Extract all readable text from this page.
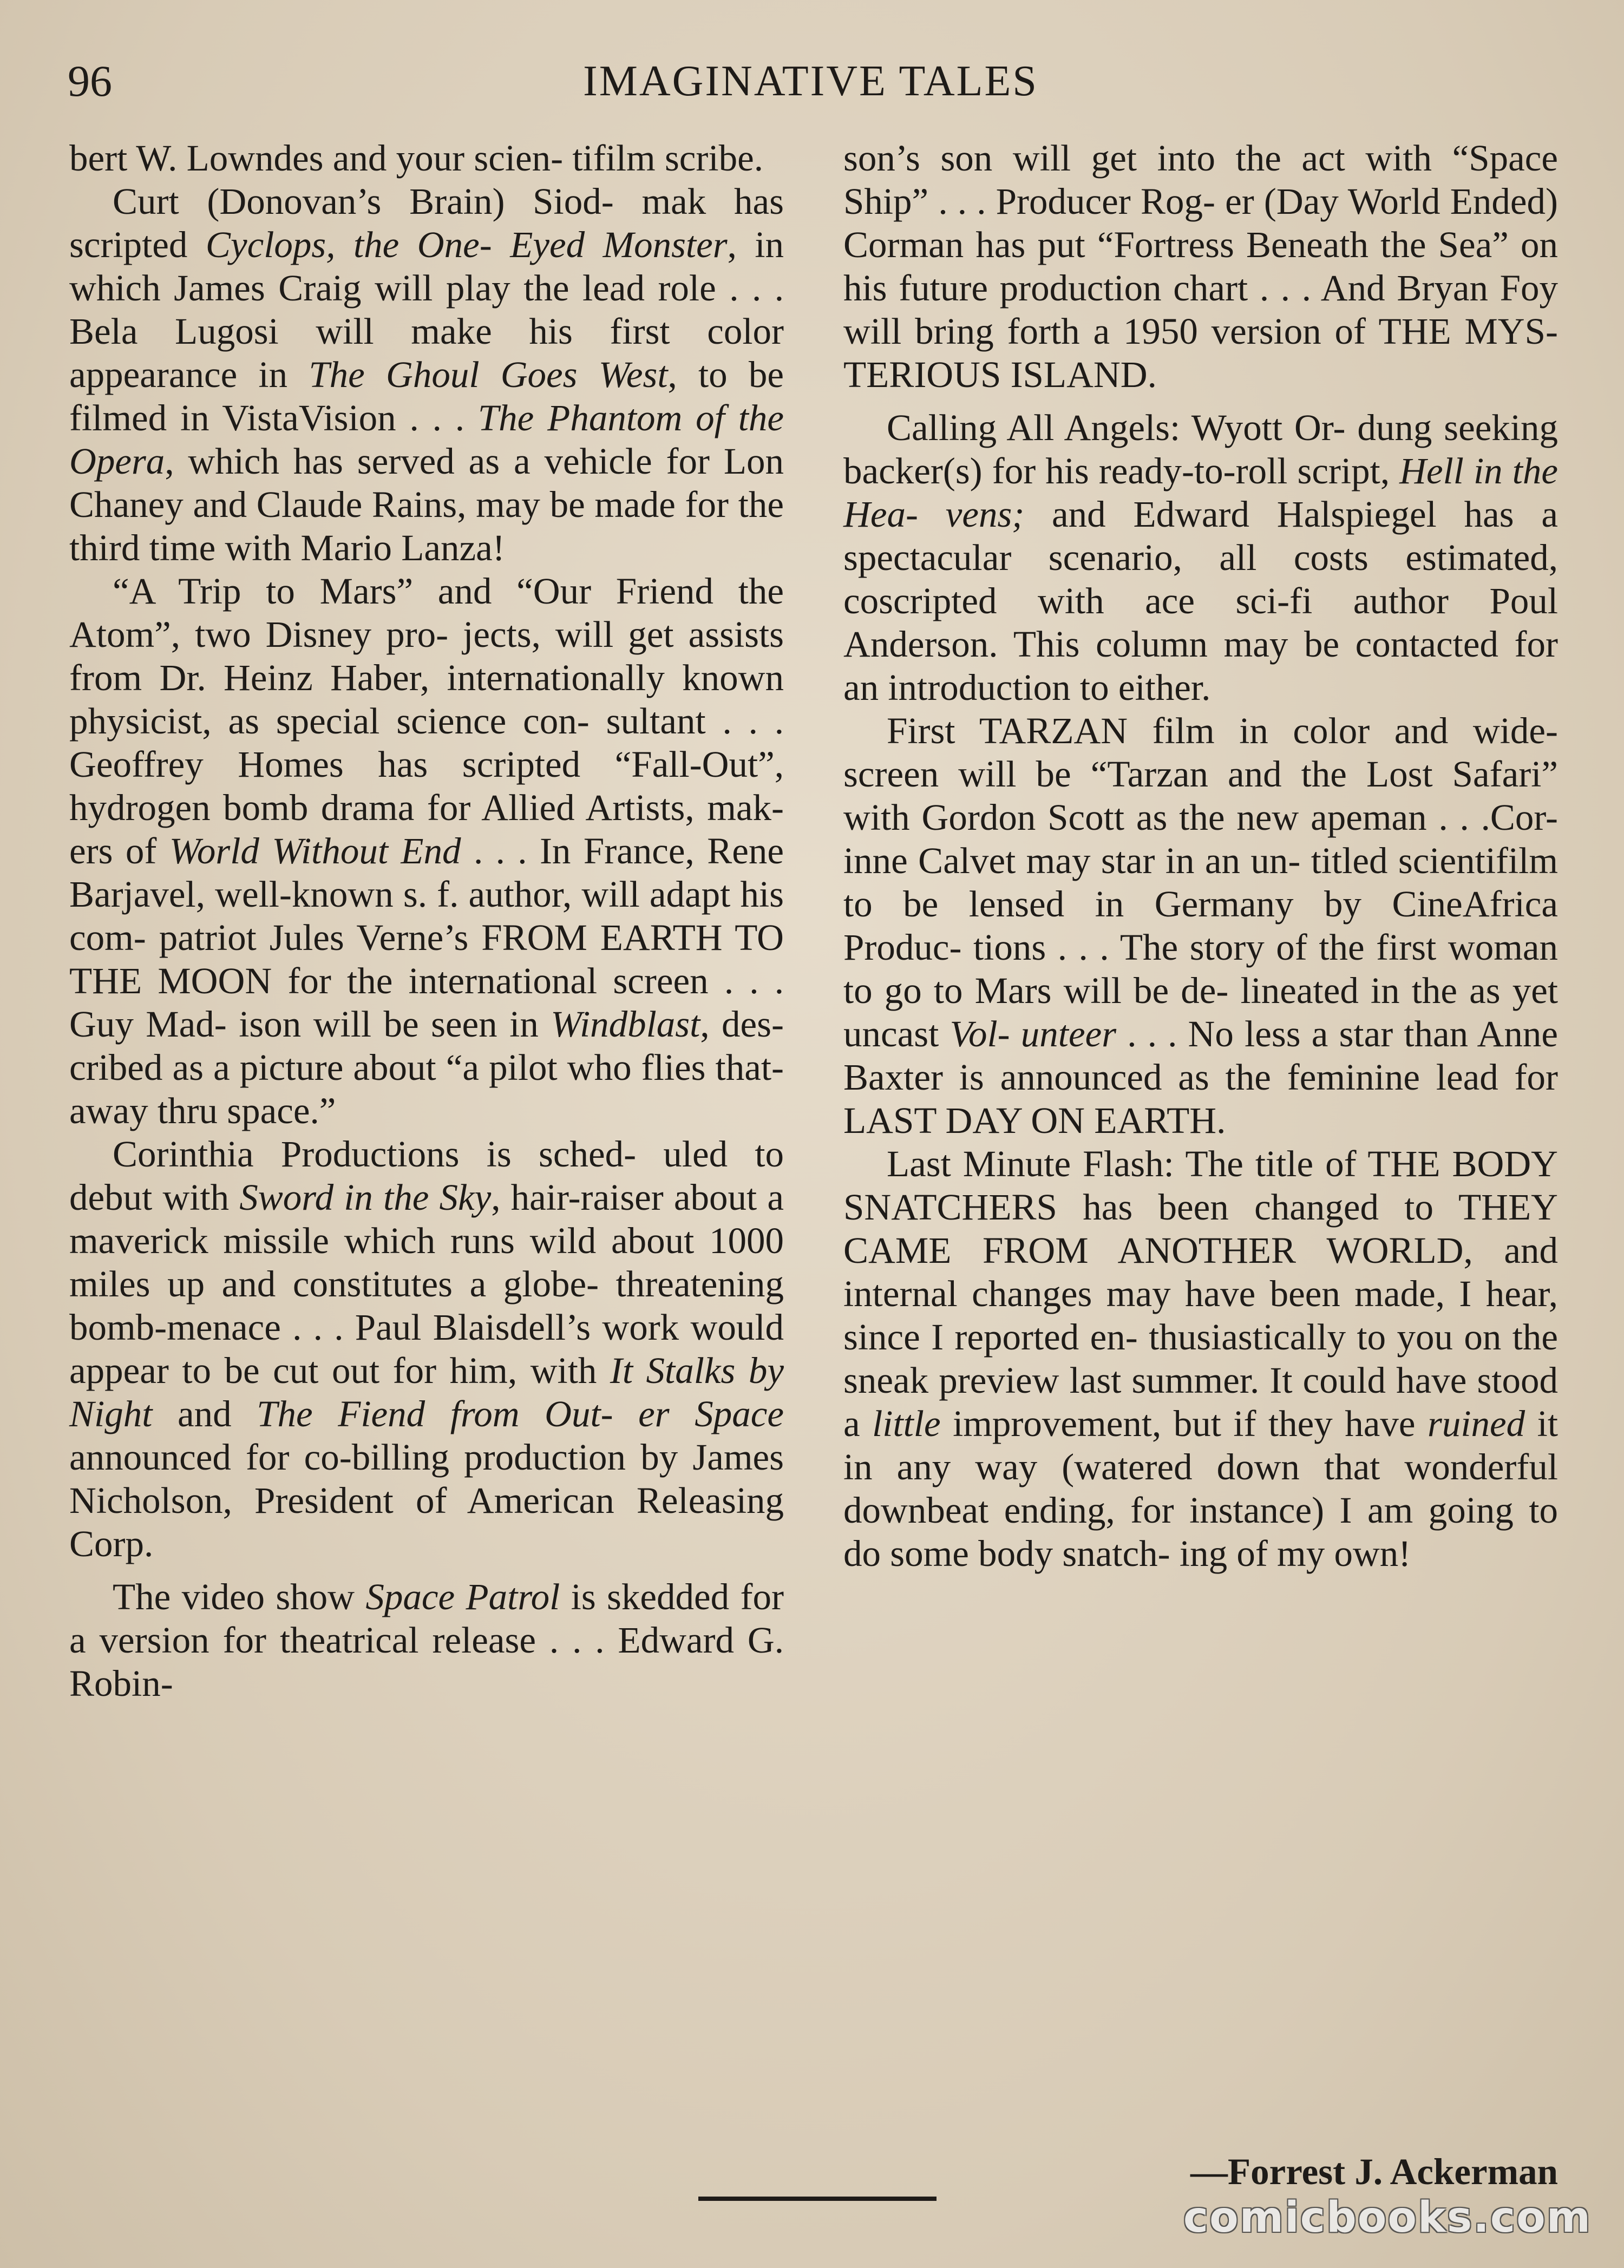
96	IMAGINATIVE TALES

bert W. Lowndes and your scien- tifilm scribe.

Curt (Donovan’s Brain) Siod- mak has scripted Cyclops, the One- Eyed Monster, in which James Craig will play the lead role . . . Bela Lugosi will make his first color appearance in The Ghoul Goes West, to be filmed in VistaVision . . . The Phantom of the Opera, which has served as a vehicle for Lon Chaney and Claude Rains, may be made for the third time with Mario Lanza!

“A Trip to Mars” and “Our Friend the Atom”, two Disney pro- jects, will get assists from Dr. Heinz Haber, internationally known physicist, as special science con- sultant . . . Geoffrey Homes has scripted “Fall-Out”, hydrogen bomb drama for Allied Artists, mak- ers of World Without End . . . In France, Rene Barjavel, well-known s. f. author, will adapt his com- patriot Jules Verne’s FROM EARTH TO THE MOON for the international screen . . . Guy Mad- ison will be seen in Windblast, des- cribed as a picture about “a pilot who flies that-away thru space.”

Corinthia Productions is sched- uled to debut with Sword in the Sky, hair-raiser about a maverick missile which runs wild about 1000 miles up and constitutes a globe- threatening bomb-menace . . . Paul Blaisdell’s work would appear to be cut out for him, with It Stalks by Night and The Fiend from Out- er Space announced for co-billing production by James Nicholson, President of American Releasing Corp.

The video show Space Patrol is skedded for a version for theatrical release . . . Edward G. Robin-

son’s son will get into the act with “Space Ship” . . . Producer Rog- er (Day World Ended) Corman has put “Fortress Beneath the Sea” on his future production chart . . . And Bryan Foy will bring forth a 1950 version of THE MYS- TERIOUS ISLAND.

Calling All Angels: Wyott Or- dung seeking backer(s) for his ready-to-roll script, Hell in the Hea- vens; and Edward Halspiegel has a spectacular scenario, all costs estimated, coscripted with ace sci-fi author Poul Anderson. This column may be contacted for an introduction to either.

First TARZAN film in color and wide-screen will be “Tarzan and the Lost Safari” with Gordon Scott as the new apeman . . .Cor- inne Calvet may star in an un- titled scientifilm to be lensed in Germany by CineAfrica Produc- tions . . . The story of the first woman to go to Mars will be de- lineated in the as yet uncast Vol- unteer . . . No less a star than Anne Baxter is announced as the feminine lead for LAST DAY ON EARTH.

Last Minute Flash: The title of THE BODY SNATCHERS has been changed to THEY CAME FROM ANOTHER WORLD, and internal changes may have been made, I hear, since I reported en- thusiastically to you on the sneak preview last summer. It could have stood a little improvement, but if they have ruined it in any way (watered down that wonderful downbeat ending, for instance) I am going to do some body snatch- ing of my own!

—Forrest J. Ackerman
comicbooks.com
